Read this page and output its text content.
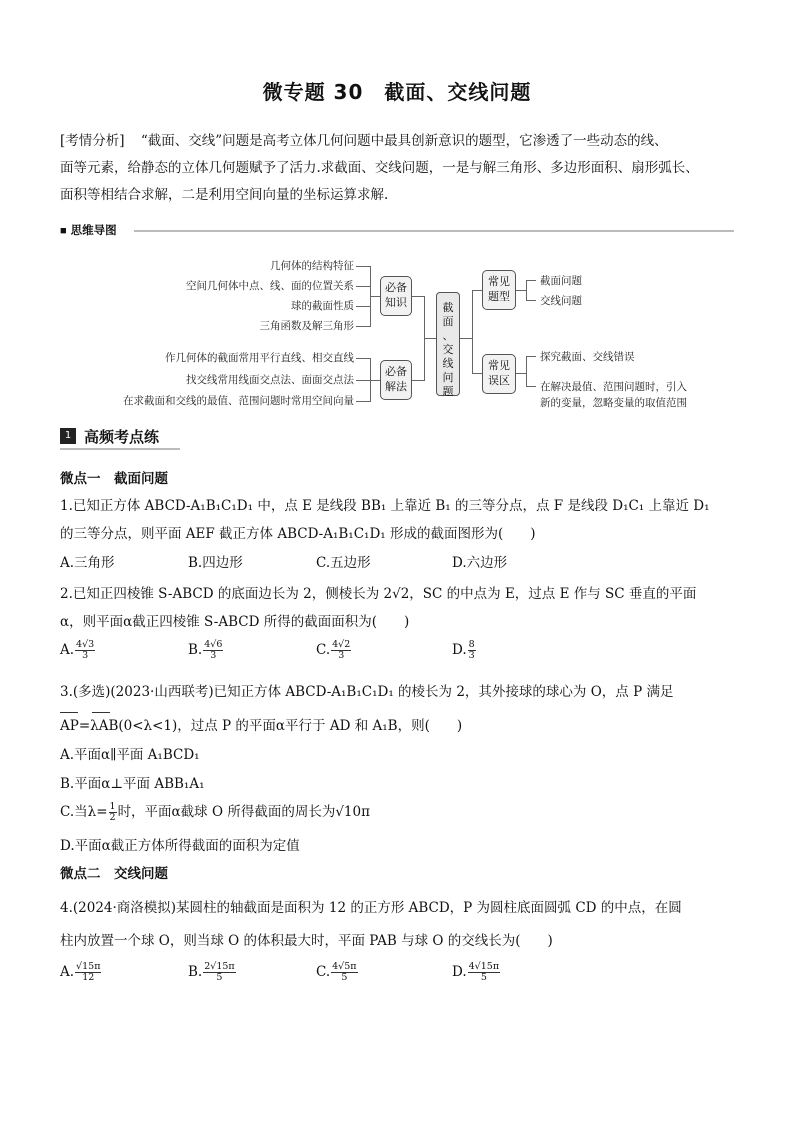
微专题 30　截面、交线问题
[考情分析] “截面、交线”问题是高考立体几何问题中最具创新意识的题型，它渗透了一些动态的线、
面等元素，给静态的立体几何题赋予了活力.求截面、交线问题，一是与解三角形、多边形面积、扇形弧长、
面积等相结合求解，二是利用空间向量的坐标运算求解.
■ 思维导图
几何体的结构特征
空间几何体中点、线、面的位置关系
球的截面性质
三角函数及解三角形
作几何体的截面常用平行直线、相交直线
找交线常用线面交点法、面面交点法
在求截面和交线的最值、范围问题时常用空间向量
必备
知识
必备
解法
截
面
、
交
线
问
题
常见
题型
常见
误区
截面问题
交线问题
探究截面、交线错误
在解决最值、范围问题时，引入
新的变量，忽略变量的取值范围
1 高频考点练
微点一　截面问题
1.已知正方体 ABCD-A₁B₁C₁D₁ 中，点 E 是线段 BB₁ 上靠近 B₁ 的三等分点，点 F 是线段 D₁C₁ 上靠近 D₁
的三等分点，则平面 AEF 截正方体 ABCD-A₁B₁C₁D₁ 形成的截面图形为(　　)
A.三角形	B.四边形	C.五边形	D.六边形
2.已知正四棱锥 S-ABCD 的底面边长为 2，侧棱长为 2√2，SC 的中点为 E，过点 E 作与 SC 垂直的平面
α，则平面α截正四棱锥 S-ABCD 所得的截面面积为(　　)
A. $\frac{4√3}{3}$	B. $\frac{4√6}{3}$	C. $\frac{4√2}{3}$	D. $\frac{8}{3}$
3.(多选)(2023·山西联考)已知正方体 ABCD-A₁B₁C₁D₁ 的棱长为 2，其外接球的球心为 O，点 P 满足
AP=λAB(0<λ<1)，过点 P 的平面α平行于 AD 和 A₁B，则(　　)
A.平面α∥平面 A₁BCD₁
B.平面α⊥平面 ABB₁A₁
C.当$\lambda= \frac{1}{2}$ 时，平面α截球 O 所得截面的周长为√10π
D.平面α截正方体所得截面的面积为定值
微点二　交线问题
4.(2024·商洛模拟)某圆柱的轴截面是面积为 12 的正方形 ABCD，P 为圆柱底面圆弧 CD 的中点，在圆
柱内放置一个球 O，则当球 O 的体积最大时，平面 PAB 与球 O 的交线长为(　　)
A. $\frac{√15\pi}{12}$	B. $\frac{2√15\pi}{5}$	C. $\frac{4√5\pi}{5}$	D. $\frac{4√15\pi}{5}$
